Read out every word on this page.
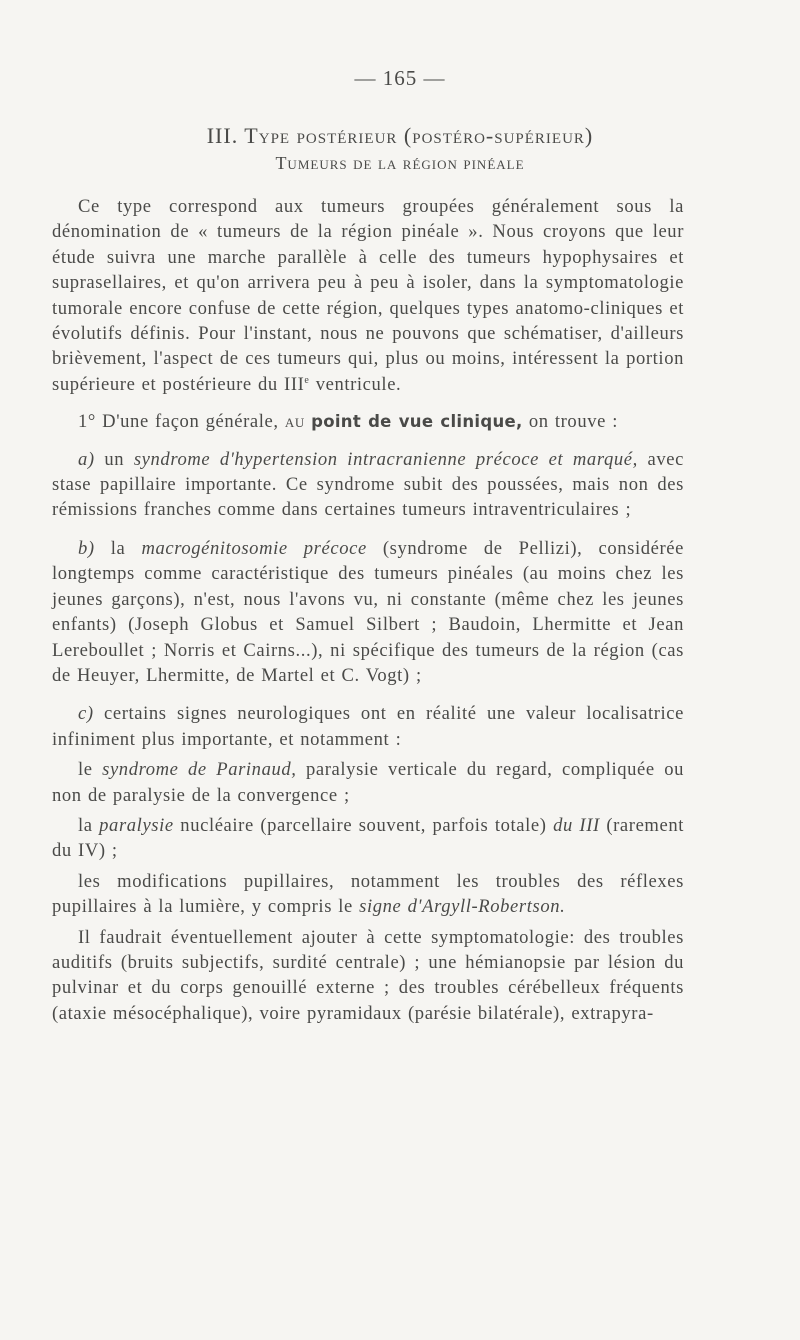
— 165 —
III. Type postérieur (postéro-supérieur)
Tumeurs de la région pinéale

Ce type correspond aux tumeurs groupées généralement sous la dénomination de « tumeurs de la région pinéale ». Nous croyons que leur étude suivra une marche parallèle à celle des tumeurs hypophysaires et suprasellaires, et qu'on arrivera peu à peu à isoler, dans la symptomatologie tumorale encore confuse de cette région, quelques types anatomo-cliniques et évolutifs définis. Pour l'instant, nous ne pouvons que schématiser, d'ailleurs brièvement, l'aspect de ces tumeurs qui, plus ou moins, intéressent la portion supérieure et postérieure du IIIe ventricule.

1° D'une façon générale, au point de vue clinique, on trouve :

a) un syndrome d'hypertension intracranienne précoce et marqué, avec stase papillaire importante. Ce syndrome subit des poussées, mais non des rémissions franches comme dans certaines tumeurs intraventriculaires ;

b) la macrogénitosomie précoce (syndrome de Pellizi), considérée longtemps comme caractéristique des tumeurs pinéales (au moins chez les jeunes garçons), n'est, nous l'avons vu, ni constante (même chez les jeunes enfants) (Joseph Globus et Samuel Silbert ; Baudoin, Lhermitte et Jean Lereboullet ; Norris et Cairns...), ni spécifique des tumeurs de la région (cas de Heuyer, Lhermitte, de Martel et C. Vogt) ;

c) certains signes neurologiques ont en réalité une valeur localisatrice infiniment plus importante, et notamment :

le syndrome de Parinaud, paralysie verticale du regard, compliquée ou non de paralysie de la convergence ;

la paralysie nucléaire (parcellaire souvent, parfois totale) du III (rarement du IV) ;

les modifications pupillaires, notamment les troubles des réflexes pupillaires à la lumière, y compris le signe d'Argyll-Robertson.

Il faudrait éventuellement ajouter à cette symptomatologie: des troubles auditifs (bruits subjectifs, surdité centrale) ; une hémianopsie par lésion du pulvinar et du corps genouillé externe ; des troubles cérébelleux fréquents (ataxie mésocéphalique), voire pyramidaux (parésie bilatérale), extrapyra-
